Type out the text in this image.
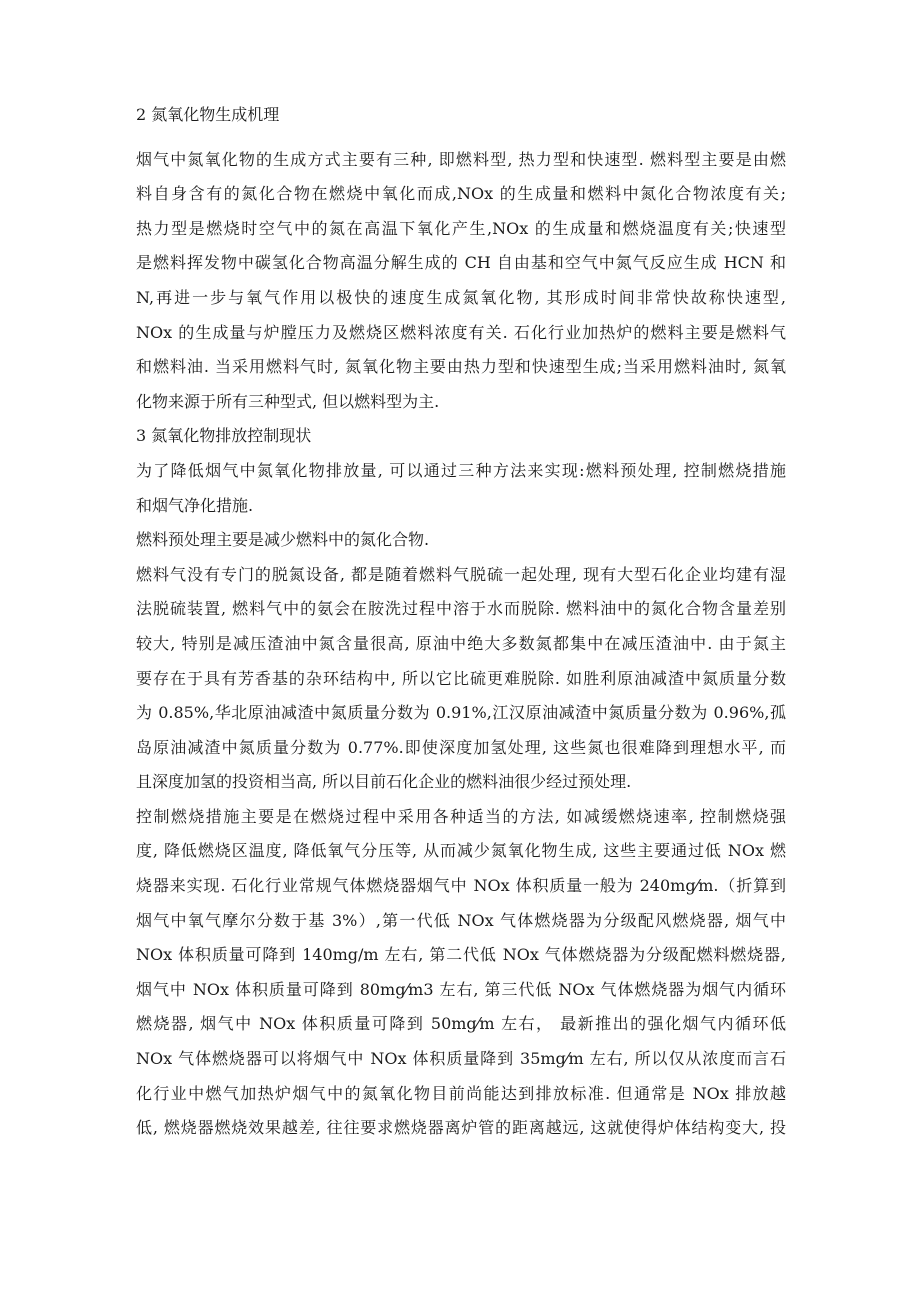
2 氮氧化物生成机理
烟气中氮氧化物的生成方式主要有三种, 即燃料型, 热力型和快速型. 燃料型主要是由燃
料自身含有的氮化合物在燃烧中氧化而成,NOx 的生成量和燃料中氮化合物浓度有关;
热力型是燃烧时空气中的氮在高温下氧化产生,NOx 的生成量和燃烧温度有关;快速型
是燃料挥发物中碳氢化合物高温分解生成的 CH 自由基和空气中氮气反应生成 HCN 和
N,再进一步与氧气作用以极快的速度生成氮氧化物, 其形成时间非常快故称快速型,
NOx 的生成量与炉膛压力及燃烧区燃料浓度有关. 石化行业加热炉的燃料主要是燃料气
和燃料油. 当采用燃料气时, 氮氧化物主要由热力型和快速型生成;当采用燃料油时, 氮氧
化物来源于所有三种型式, 但以燃料型为主.
3 氮氧化物排放控制现状
为了降低烟气中氮氧化物排放量, 可以通过三种方法来实现:燃料预处理, 控制燃烧措施
和烟气净化措施.
燃料预处理主要是减少燃料中的氮化合物.
燃料气没有专门的脱氮设备, 都是随着燃料气脱硫一起处理, 现有大型石化企业均建有湿
法脱硫装置, 燃料气中的氨会在胺洗过程中溶于水而脱除. 燃料油中的氮化合物含量差别
较大, 特别是减压渣油中氮含量很高, 原油中绝大多数氮都集中在减压渣油中. 由于氮主
要存在于具有芳香基的杂环结构中, 所以它比硫更难脱除. 如胜利原油减渣中氮质量分数
为 0.85%,华北原油减渣中氮质量分数为 0.91%,江汉原油减渣中氮质量分数为 0.96%,孤
岛原油减渣中氮质量分数为 0.77%.即使深度加氢处理, 这些氮也很难降到理想水平, 而
且深度加氢的投资相当高, 所以目前石化企业的燃料油很少经过预处理.
控制燃烧措施主要是在燃烧过程中采用各种适当的方法, 如减缓燃烧速率, 控制燃烧强
度, 降低燃烧区温度, 降低氧气分压等, 从而减少氮氧化物生成, 这些主要通过低 NOx 燃
烧器来实现. 石化行业常规气体燃烧器烟气中 NOx 体积质量一般为 240mg⁄m.（折算到
烟气中氧气摩尔分数于基 3%）,第一代低 NOx 气体燃烧器为分级配风燃烧器, 烟气中
NOx 体积质量可降到 140mg/m 左右, 第二代低 NOx 气体燃烧器为分级配燃料燃烧器,
烟气中 NOx 体积质量可降到 80mg⁄m3 左右, 第三代低 NOx 气体燃烧器为烟气内循环
燃烧器, 烟气中 NOx 体积质量可降到 50mg⁄m 左右， 最新推出的强化烟气内循环低
NOx 气体燃烧器可以将烟气中 NOx 体积质量降到 35mg⁄m 左右, 所以仅从浓度而言石
化行业中燃气加热炉烟气中的氮氧化物目前尚能达到排放标准. 但通常是 NOx 排放越
低, 燃烧器燃烧效果越差, 往往要求燃烧器离炉管的距离越远, 这就使得炉体结构变大, 投
